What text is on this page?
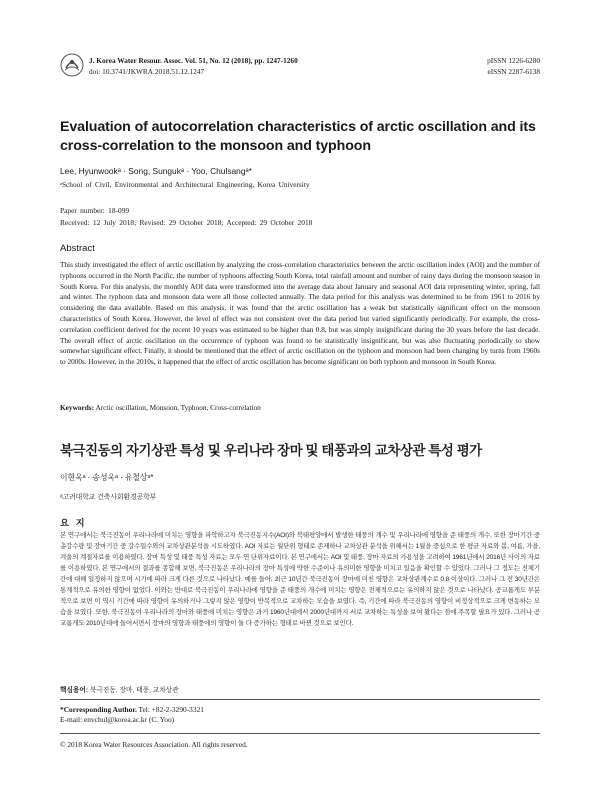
J. Korea Water Resour. Assoc. Vol. 51, No. 12 (2018), pp. 1247-1260
doi: 10.3741/JKWRA.2018.51.12.1247
pISSN 1226-6280
eISSN 2287-6138
Evaluation of autocorrelation characteristics of arctic oscillation and its cross-correlation to the monsoon and typhoon
Lee, Hyunwookᵃ · Song, Sungukᵃ · Yoo, Chulsangᵃ*
ᵃSchool of Civil, Environmental and Architectural Engineering, Korea University
Paper number: 18-099
Received: 12 July 2018; Revised: 29 October 2018; Accepted: 29 October 2018
Abstract
This study investigated the effect of arctic oscillation by analyzing the cross-correlation characteristics between the arctic oscillation index (AOI) and the number of typhoons occurred in the North Pacific, the number of typhoons affecting South Korea, total rainfall amount and number of rainy days during the monsoon season in South Korea. For this analysis, the monthly AOI data were transformed into the average data about January and seasonal AOI data representing winter, spring, fall and winter. The typhoon data and monsoon data were all those collected annually. The data period for this analysis was determined to be from 1961 to 2016 by considering the data available. Based on this analysis, it was found that the arctic oscillation has a weak but statistically significant effect on the monsoon characteristics of South Korea. However, the level of effect was not consistent over the data period but varied significantly periodically. For example, the cross-correlation coefficient derived for the recent 10 years was estimated to be higher than 0.8, but was simply insignificant during the 30 years before the last decade. The overall effect of arctic oscillation on the occurrence of typhoon was found to be statistically insignificant, but was also fluctuating periodically to show somewhat significant effect. Finally, it should be mentioned that the effect of arctic oscillation on the typhoon and monsoon had been changing by turns from 1960s to 2000s. However, in the 2010s, it happened that the effect of arctic oscillation has become significant on both typhoon and monsoon in South Korea.
Keywords: Arctic oscillation, Monsoon, Typhoon, Cross-correlation
북극진동의 자기상관 특성 및 우리나라 장마 및 태풍과의 교차상관 특성 평가
이현욱ᵃ · 송성욱ᵃ · 유철상ᵃ*
ᵃ고려대학교 건축사회환경공학부
요 지
본 연구에서는 북극진동이 우리나라에 미치는 영향을 파악하고자 북극진동지수(AOI)와 북태평양에서 발생한 태풍의 개수 및 우리나라에 영향을 준 태풍의 개수, 또한 장마기간 중 총강수량 및 장마기간 중 강수일수와의 교차상관분석을 시도하였다. AOI 자료는 월단위 형태로 존재하나 교차상관 분석을 위해서는 1월을 중심으로 한 평균 자료와 봄, 여름, 가을, 겨울의 계절자료를 이용하였다. 장마 특성 및 태풍 특성 자료는 모두 연 단위자료이다. 본 연구에서는 AOI 및 태풍, 장마 자료의 가용성을 고려하여 1961년에서 2016년 사이의 자료를 이용하였다. 본 연구에서의 결과를 종합해 보면, 북극진동은 우리나라의 장마 특성에 약한 수준이나 유의미한 영향을 미치고 있음을 확인할 수 있었다. 그러나 그 정도는 전체기간에 대해 일정하지 않으며 시기에 따라 크게 다른 것으로 나타났다. 예를 들어, 최근 10년간 북극진동이 장마에 미친 영향은 교차상관계수로 0.8 이상이다. 그러나 그 전 30년간은 통계적으로 유의한 영향이 없었다. 이와는 반대로 북극진동이 우리나라에 영향을 준 태풍의 개수에 미치는 영향은 전체적으로는 유의하지 않은 것으로 나타났다. 공교롭게도 부분적으로 보면 이 역시 기간에 따라 영향이 유의하거나 그렇지 않은 영향이 반복적으로 교차하는 모습을 보였다. 즉, 기간에 따라 북극진동의 영향이 비정상적으로 크게 변동하는 모습을 보였다. 또한, 북극진동이 우리나라의 장마와 태풍에 미치는 영향은 과거 1960년대에서 2000년대까지 서로 교차하는 특성을 보여 왔다는 점에 주목할 필요가 있다. 그러나 공교롭게도 2010년대에 들어서면서 장마의 영향과 태풍에의 영향이 둘 다 증가하는 형태로 바뀐 것으로 보인다.
핵심용어: 북극진동, 장마, 태풍, 교차상관
*Corresponding Author. Tel: +82-2-3290-3321
E-mail: envchul@korea.ac.kr (C. Yoo)
© 2018 Korea Water Resources Association. All rights reserved.
